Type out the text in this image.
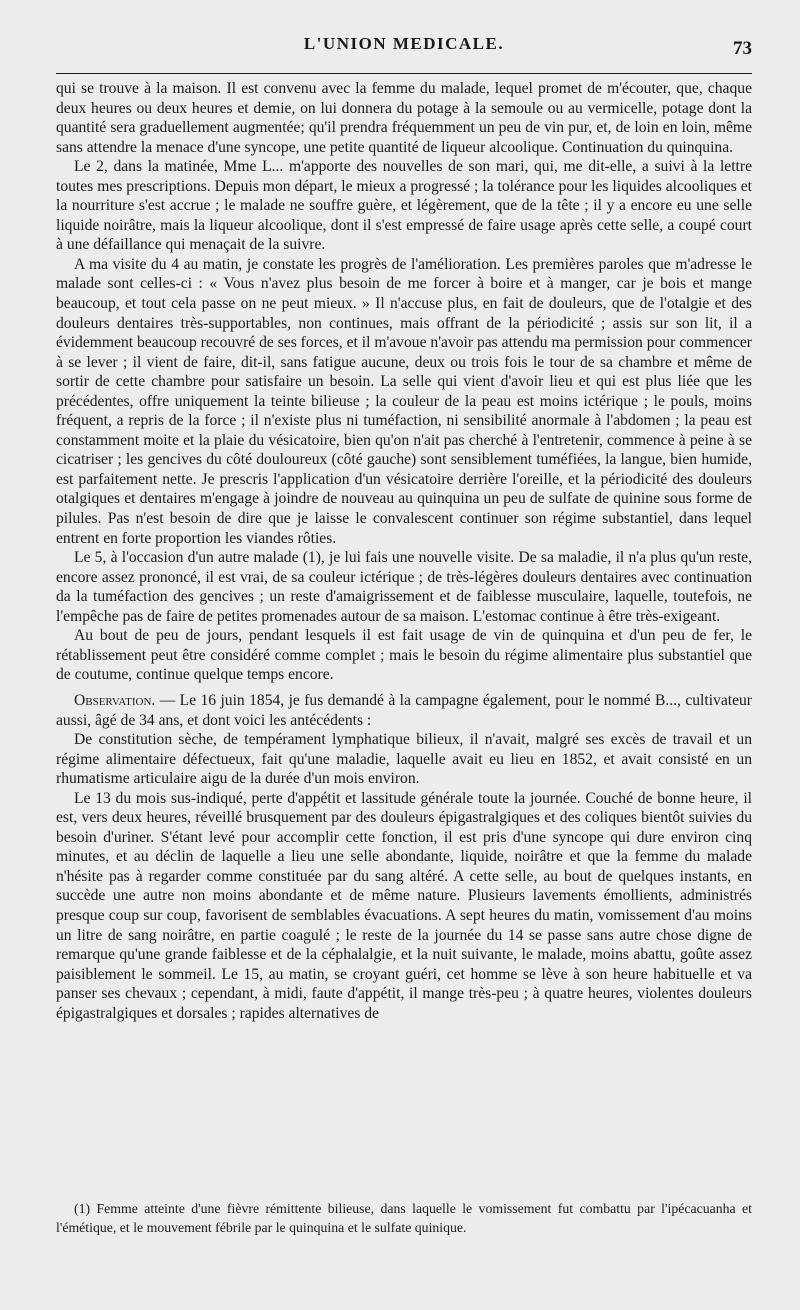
L'UNION MEDICALE.	73

qui se trouve à la maison. Il est convenu avec la femme du malade, lequel promet de m'écouter, que, chaque deux heures ou deux heures et demie, on lui donnera du potage à la semoule ou au vermicelle, potage dont la quantité sera graduellement augmentée; qu'il prendra fréquemment un peu de vin pur, et, de loin en loin, même sans attendre la menace d'une syncope, une petite quantité de liqueur alcoolique. Continuation du quinquina.

Le 2, dans la matinée, Mme L... m'apporte des nouvelles de son mari, qui, me dit-elle, a suivi à la lettre toutes mes prescriptions. Depuis mon départ, le mieux a progressé ; la tolérance pour les liquides alcooliques et la nourriture s'est accrue ; le malade ne souffre guère, et légèrement, que de la tête ; il y a encore eu une selle liquide noirâtre, mais la liqueur alcoolique, dont il s'est empressé de faire usage après cette selle, a coupé court à une défaillance qui menaçait de la suivre.

A ma visite du 4 au matin, je constate les progrès de l'amélioration. Les premières paroles que m'adresse le malade sont celles-ci : « Vous n'avez plus besoin de me forcer à boire et à manger, car je bois et mange beaucoup, et tout cela passe on ne peut mieux. » Il n'accuse plus, en fait de douleurs, que de l'otalgie et des douleurs dentaires très-supportables, non continues, mais offrant de la périodicité ; assis sur son lit, il a évidemment beaucoup recouvré de ses forces, et il m'avoue n'avoir pas attendu ma permission pour commencer à se lever ; il vient de faire, dit-il, sans fatigue aucune, deux ou trois fois le tour de sa chambre et même de sortir de cette chambre pour satisfaire un besoin. La selle qui vient d'avoir lieu et qui est plus liée que les précédentes, offre uniquement la teinte bilieuse ; la couleur de la peau est moins ictérique ; le pouls, moins fréquent, a repris de la force ; il n'existe plus ni tuméfaction, ni sensibilité anormale à l'abdomen ; la peau est constamment moite et la plaie du vésicatoire, bien qu'on n'ait pas cherché à l'entretenir, commence à peine à se cicatriser ; les gencives du côté douloureux (côté gauche) sont sensiblement tuméfiées, la langue, bien humide, est parfaitement nette. Je prescris l'application d'un vésicatoire derrière l'oreille, et la périodicité des douleurs otalgiques et dentaires m'engage à joindre de nouveau au quinquina un peu de sulfate de quinine sous forme de pilules. Pas n'est besoin de dire que je laisse le convalescent continuer son régime substantiel, dans lequel entrent en forte proportion les viandes rôties.

Le 5, à l'occasion d'un autre malade (1), je lui fais une nouvelle visite. De sa maladie, il n'a plus qu'un reste, encore assez prononcé, il est vrai, de sa couleur ictérique ; de très-légères douleurs dentaires avec continuation da la tuméfaction des gencives ; un reste d'amaigrissement et de faiblesse musculaire, laquelle, toutefois, ne l'empêche pas de faire de petites promenades autour de sa maison. L'estomac continue à être très-exigeant.

Au bout de peu de jours, pendant lesquels il est fait usage de vin de quinquina et d'un peu de fer, le rétablissement peut être considéré comme complet ; mais le besoin du régime alimentaire plus substantiel que de coutume, continue quelque temps encore.

Observation. — Le 16 juin 1854, je fus demandé à la campagne également, pour le nommé B..., cultivateur aussi, âgé de 34 ans, et dont voici les antécédents :

De constitution sèche, de tempérament lymphatique bilieux, il n'avait, malgré ses excès de travail et un régime alimentaire défectueux, fait qu'une maladie, laquelle avait eu lieu en 1852, et avait consisté en un rhumatisme articulaire aigu de la durée d'un mois environ.

Le 13 du mois sus-indiqué, perte d'appétit et lassitude générale toute la journée. Couché de bonne heure, il est, vers deux heures, réveillé brusquement par des douleurs épigastralgiques et des coliques bientôt suivies du besoin d'uriner. S'étant levé pour accomplir cette fonction, il est pris d'une syncope qui dure environ cinq minutes, et au déclin de laquelle a lieu une selle abondante, liquide, noirâtre et que la femme du malade n'hésite pas à regarder comme constituée par du sang altéré. A cette selle, au bout de quelques instants, en succède une autre non moins abondante et de même nature. Plusieurs lavements émollients, administrés presque coup sur coup, favorisent de semblables évacuations. A sept heures du matin, vomissement d'au moins un litre de sang noirâtre, en partie coagulé ; le reste de la journée du 14 se passe sans autre chose digne de remarque qu'une grande faiblesse et de la céphalalgie, et la nuit suivante, le malade, moins abattu, goûte assez paisiblement le sommeil. Le 15, au matin, se croyant guéri, cet homme se lève à son heure habituelle et va panser ses chevaux ; cependant, à midi, faute d'appétit, il mange très-peu ; à quatre heures, violentes douleurs épigastralgiques et dorsales ; rapides alternatives de

(1) Femme atteinte d'une fièvre rémittente bilieuse, dans laquelle le vomissement fut combattu par l'ipécacuanha et l'émétique, et le mouvement fébrile par le quinquina et le sulfate quinique.
